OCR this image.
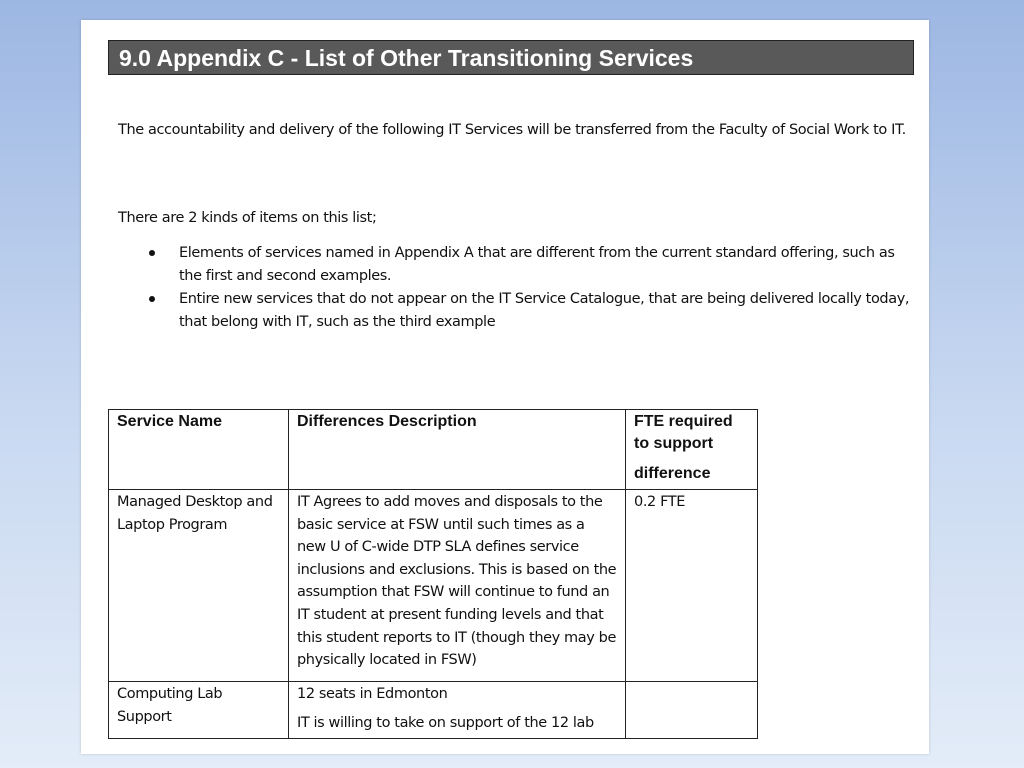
9.0 Appendix C - List of Other Transitioning Services

The accountability and delivery of the following IT Services will be transferred from the Faculty of Social Work to IT.

There are 2 kinds of items on this list;

Elements of services named in Appendix A that are different from the current standard offering, such as the first and second examples.
Entire new services that do not appear on the IT Service Catalogue, that are being delivered locally today, that belong with IT, such as the third example
Service Name	Differences Description	FTE required to support
difference

Managed Desktop and Laptop Program	IT Agrees to add moves and disposals to the basic service at FSW until such times as a new U of C-wide DTP SLA defines service inclusions and exclusions. This is based on the assumption that FSW will continue to fund an IT student at present funding levels and that this student reports to IT (though they may be physically located in FSW)	0.2 FTE
Computing Lab Support	12 seats in Edmonton
IT is willing to take on support of the 12 lab	
